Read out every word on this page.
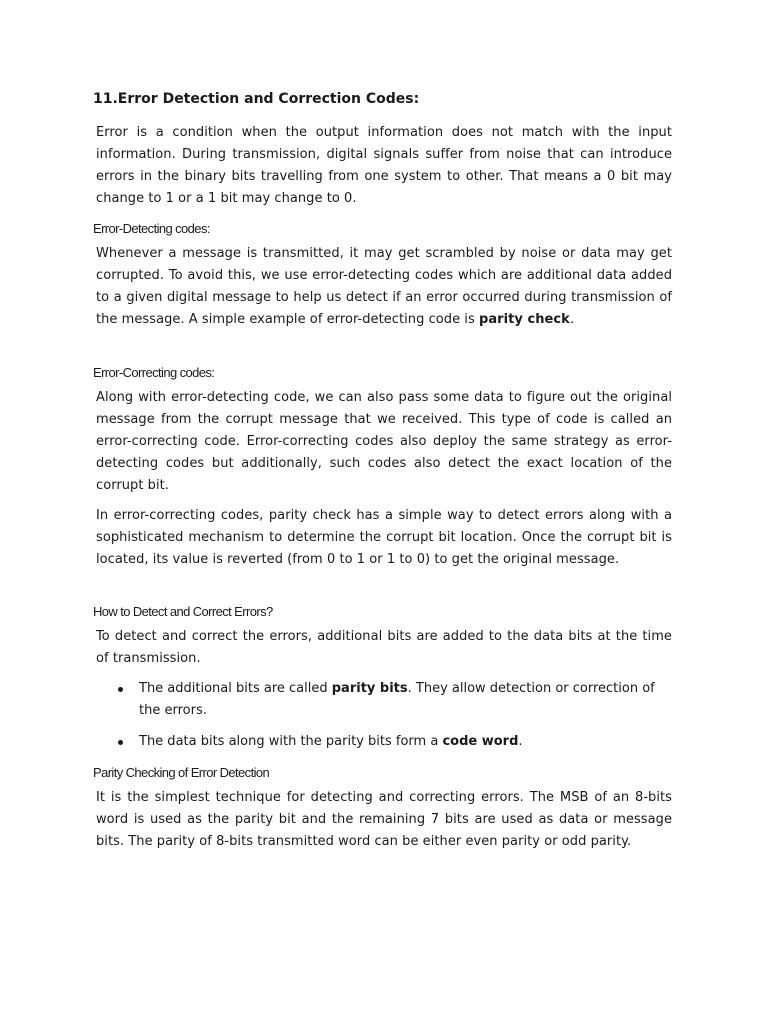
11.Error Detection and Correction Codes:

Error is a condition when the output information does not match with the input information. During transmission, digital signals suffer from noise that can introduce errors in the binary bits travelling from one system to other. That means a 0 bit may change to 1 or a 1 bit may change to 0.

Error-Detecting codes:

Whenever a message is transmitted, it may get scrambled by noise or data may get corrupted. To avoid this, we use error-detecting codes which are additional data added to a given digital message to help us detect if an error occurred during transmission of the message. A simple example of error-detecting code is parity check.

Error-Correcting codes:

Along with error-detecting code, we can also pass some data to figure out the original message from the corrupt message that we received. This type of code is called an error-correcting code. Error-correcting codes also deploy the same strategy as error-detecting codes but additionally, such codes also detect the exact location of the corrupt bit.

In error-correcting codes, parity check has a simple way to detect errors along with a sophisticated mechanism to determine the corrupt bit location. Once the corrupt bit is located, its value is reverted (from 0 to 1 or 1 to 0) to get the original message.

How to Detect and Correct Errors?

To detect and correct the errors, additional bits are added to the data bits at the time of transmission.

The additional bits are called parity bits. They allow detection or correction of the errors.
The data bits along with the parity bits form a code word.

Parity Checking of Error Detection

It is the simplest technique for detecting and correcting errors. The MSB of an 8-bits word is used as the parity bit and the remaining 7 bits are used as data or message bits. The parity of 8-bits transmitted word can be either even parity or odd parity.
